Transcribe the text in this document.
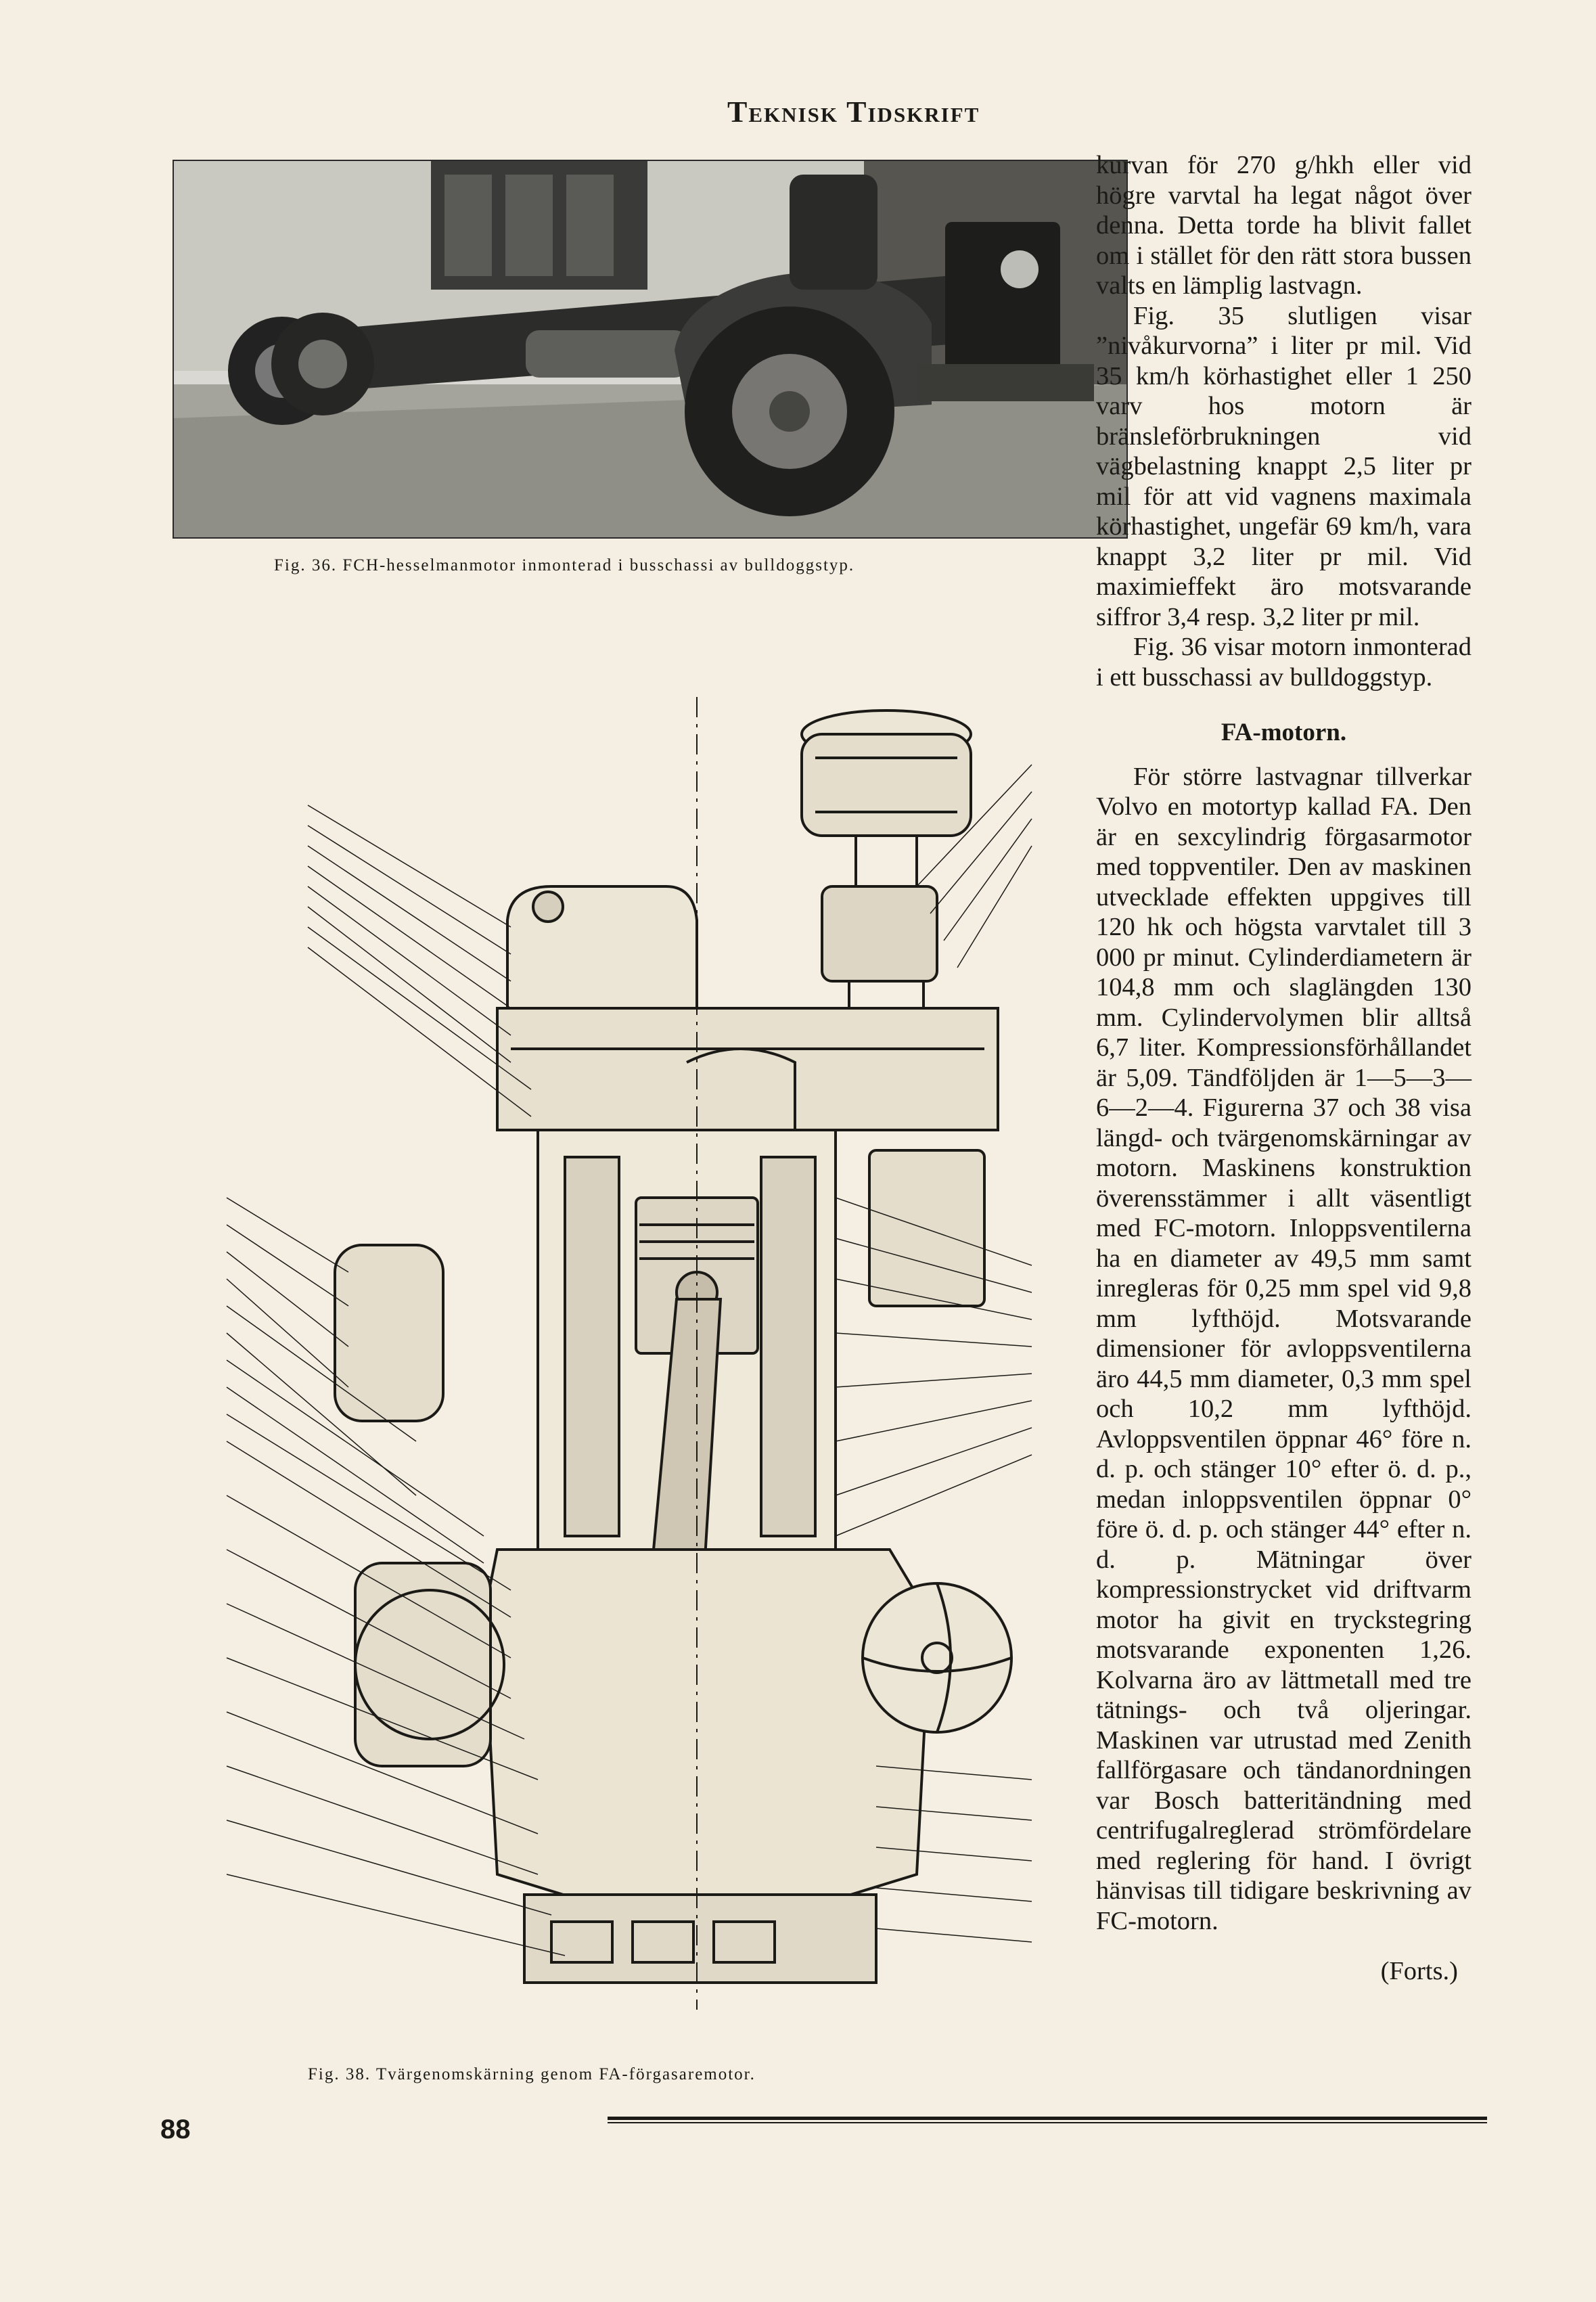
Teknisk Tidskrift
Fig. 36. FCH-hesselmanmotor inmonterad i busschassi av bulldoggstyp.
Fig. 38. Tvärgenomskärning genom FA-förgasaremotor.

kurvan för 270 g/hkh eller vid högre varvtal ha legat något över denna. Detta torde ha blivit fallet om i stället för den rätt stora bussen valts en lämplig lastvagn.

Fig. 35 slutligen visar ”nivåkurvorna” i liter pr mil. Vid 35 km/h körhastighet eller 1 250 varv hos motorn är bränsleförbrukningen vid vägbelastning knappt 2,5 liter pr mil för att vid vagnens maximala körhastighet, ungefär 69 km/h, vara knappt 3,2 liter pr mil. Vid maximieffekt äro motsvarande siffror 3,4 resp. 3,2 liter pr mil.

Fig. 36 visar motorn inmonterad i ett busschassi av bulldoggstyp.

FA-motorn.

För större lastvagnar tillverkar Volvo en motortyp kallad FA. Den är en sexcylindrig förgasarmotor med toppventiler. Den av maskinen utvecklade effekten uppgives till 120 hk och högsta varvtalet till 3 000 pr minut. Cylinderdiametern är 104,8 mm och slaglängden 130 mm. Cylindervolymen blir alltså 6,7 liter. Kompressionsförhållandet är 5,09. Tändföljden är 1—5—3—6—2—4. Figurerna 37 och 38 visa längd- och tvärgenomskärningar av motorn. Maskinens konstruktion överensstämmer i allt väsentligt med FC-motorn. Inloppsventilerna ha en diameter av 49,5 mm samt inregleras för 0,25 mm spel vid 9,8 mm lyfthöjd. Motsvarande dimensioner för avloppsventilerna äro 44,5 mm diameter, 0,3 mm spel och 10,2 mm lyfthöjd. Avloppsventilen öppnar 46° före n. d. p. och stänger 10° efter ö. d. p., medan inloppsventilen öppnar 0° före ö. d. p. och stänger 44° efter n. d. p. Mätningar över kompressionstrycket vid driftvarm motor ha givit en tryckstegring motsvarande exponenten 1,26. Kolvarna äro av lättmetall med tre tätnings- och två oljeringar. Maskinen var utrustad med Zenith fallförgasare och tändanordningen var Bosch batteritändning med centrifugalreglerad strömfördelare med reglering för hand. I övrigt hänvisas till tidigare beskrivning av FC-motorn.

(Forts.)
88
